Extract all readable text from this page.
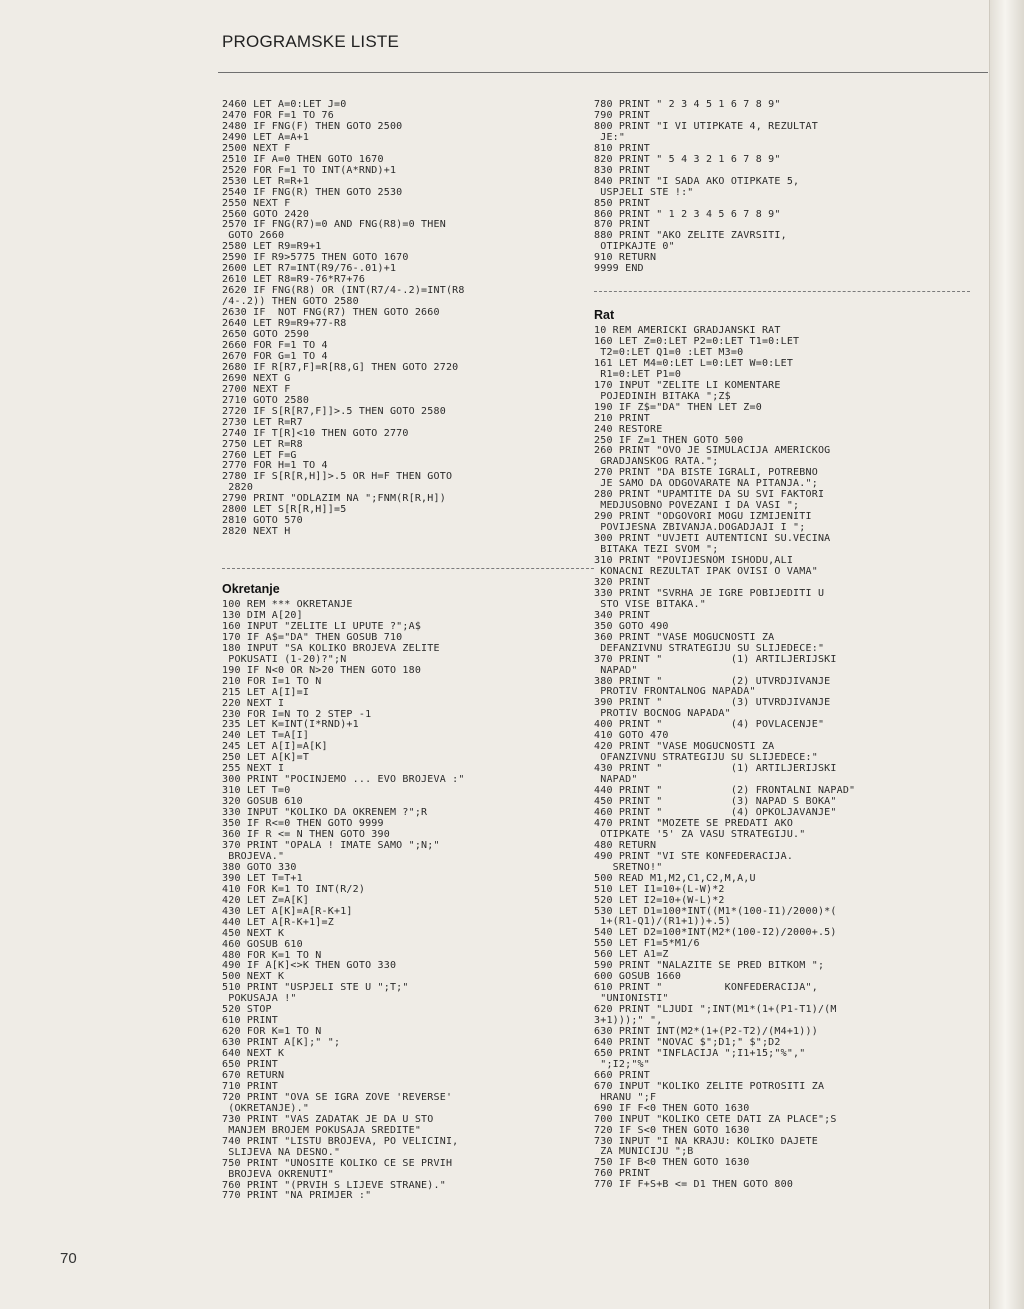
PROGRAMSKE LISTE
2460 LET A=0:LET J=0
2470 FOR F=1 TO 76
2480 IF FNG(F) THEN GOTO 2500
2490 LET A=A+1
2500 NEXT F
2510 IF A=0 THEN GOTO 1670
2520 FOR F=1 TO INT(A*RND)+1
2530 LET R=R+1
2540 IF FNG(R) THEN GOTO 2530
2550 NEXT F
2560 GOTO 2420
2570 IF FNG(R7)=0 AND FNG(R8)=0 THEN
GOTO 2660
2580 LET R9=R9+1
2590 IF R9>5775 THEN GOTO 1670
2600 LET R7=INT(R9/76-.01)+1
2610 LET R8=R9-76*R7+76
2620 IF FNG(R8) OR (INT(R7/4-.2)=INT(R8
/4-.2)) THEN GOTO 2580
2630 IF  NOT FNG(R7) THEN GOTO 2660
2640 LET R9=R9+77-R8
2650 GOTO 2590
2660 FOR F=1 TO 4
2670 FOR G=1 TO 4
2680 IF R[R7,F]=R[R8,G] THEN GOTO 2720
2690 NEXT G
2700 NEXT F
2710 GOTO 2580
2720 IF S[R[R7,F]]>.5 THEN GOTO 2580
2730 LET R=R7
2740 IF T[R]<10 THEN GOTO 2770
2750 LET R=R8
2760 LET F=G
2770 FOR H=1 TO 4
2780 IF S[R[R,H]]>.5 OR H=F THEN GOTO
2820
2790 PRINT "ODLAZIM NA ";FNM(R[R,H])
2800 LET S[R[R,H]]=5
2810 GOTO 570
2820 NEXT H
Okretanje
100 REM *** OKRETANJE
130 DIM A[20]
160 INPUT "ZELITE LI UPUTE ?";A$
170 IF A$="DA" THEN GOSUB 710
180 INPUT "SA KOLIKO BROJEVA ZELITE
POKUSATI (1-20)?";N
190 IF N<0 OR N>20 THEN GOTO 180
210 FOR I=1 TO N
215 LET A[I]=I
220 NEXT I
230 FOR I=N TO 2 STEP -1
235 LET K=INT(I*RND)+1
240 LET T=A[I]
245 LET A[I]=A[K]
250 LET A[K]=T
255 NEXT I
300 PRINT "POCINJEMO ... EVO BROJEVA :"
310 LET T=0
320 GOSUB 610
330 INPUT "KOLIKO DA OKRENEM ?";R
350 IF R<=0 THEN GOTO 9999
360 IF R <= N THEN GOTO 390
370 PRINT "OPALA ! IMATE SAMO ";N;"
BROJEVA."
380 GOTO 330
390 LET T=T+1
410 FOR K=1 TO INT(R/2)
420 LET Z=A[K]
430 LET A[K]=A[R-K+1]
440 LET A[R-K+1]=Z
450 NEXT K
460 GOSUB 610
480 FOR K=1 TO N
490 IF A[K]<>K THEN GOTO 330
500 NEXT K
510 PRINT "USPJELI STE U ";T;"
POKUSAJA !"
520 STOP
610 PRINT
620 FOR K=1 TO N
630 PRINT A[K];" ";
640 NEXT K
650 PRINT
670 RETURN
710 PRINT
720 PRINT "OVA SE IGRA ZOVE 'REVERSE'
(OKRETANJE)."
730 PRINT "VAS ZADATAK JE DA U STO
MANJEM BROJEM POKUSAJA SREDITE"
740 PRINT "LISTU BROJEVA, PO VELICINI,
SLIJEVA NA DESNO."
750 PRINT "UNOSITE KOLIKO CE SE PRVIH
BROJEVA OKRENUTI"
760 PRINT "(PRVIH S LIJEVE STRANE)."
770 PRINT "NA PRIMJER :"
780 PRINT " 2 3 4 5 1 6 7 8 9"
790 PRINT
800 PRINT "I VI UTIPKATE 4, REZULTAT
JE:"
810 PRINT
820 PRINT " 5 4 3 2 1 6 7 8 9"
830 PRINT
840 PRINT "I SADA AKO OTIPKATE 5,
USPJELI STE !:"
850 PRINT
860 PRINT " 1 2 3 4 5 6 7 8 9"
870 PRINT
880 PRINT "AKO ZELITE ZAVRSITI,
OTIPKAJTE 0"
910 RETURN
9999 END
Rat
10 REM AMERICKI GRADJANSKI RAT
160 LET Z=0:LET P2=0:LET T1=0:LET
T2=0:LET Q1=0 :LET M3=0
161 LET M4=0:LET L=0:LET W=0:LET
R1=0:LET P1=0
170 INPUT "ZELITE LI KOMENTARE
POJEDINIH BITAKA ";Z$
190 IF Z$="DA" THEN LET Z=0
210 PRINT
240 RESTORE
250 IF Z=1 THEN GOTO 500
260 PRINT "OVO JE SIMULACIJA AMERICKOG
GRADJANSKOG RATA.";
270 PRINT "DA BISTE IGRALI, POTREBNO
JE SAMO DA ODGOVARATE NA PITANJA.";
280 PRINT "UPAMTITE DA SU SVI FAKTORI
MEDJUSOBNO POVEZANI I DA VASI ";
290 PRINT "ODGOVORI MOGU IZMIJENITI
POVIJESNA ZBIVANJA.DOGADJAJI I ";
300 PRINT "UVJETI AUTENTICNI SU.VECINA
BITAKA TEZI SVOM ";
310 PRINT "POVIJESNOM ISHODU,ALI
KONACNI REZULTAT IPAK OVISI O VAMA"
320 PRINT
330 PRINT "SVRHA JE IGRE POBIJEDITI U
STO VISE BITAKA."
340 PRINT
350 GOTO 490
360 PRINT "VASE MOGUCNOSTI ZA
DEFANZIVNU STRATEGIJU SU SLIJEDECE:"
370 PRINT "           (1) ARTILJERIJSKI
NAPAD"
380 PRINT "           (2) UTVRDJIVANJE
PROTIV FRONTALNOG NAPADA"
390 PRINT "           (3) UTVRDJIVANJE
PROTIV BOCNOG NAPADA"
400 PRINT "           (4) POVLACENJE"
410 GOTO 470
420 PRINT "VASE MOGUCNOSTI ZA
OFANZIVNU STRATEGIJU SU SLIJEDECE:"
430 PRINT "           (1) ARTILJERIJSKI
NAPAD"
440 PRINT "           (2) FRONTALNI NAPAD"
450 PRINT "           (3) NAPAD S BOKA"
460 PRINT "           (4) OPKOLJAVANJE"
470 PRINT "MOZETE SE PREDATI AKO
OTIPKATE '5' ZA VASU STRATEGIJU."
480 RETURN
490 PRINT "VI STE KONFEDERACIJA.
SRETNO!"
500 READ M1,M2,C1,C2,M,A,U
510 LET I1=10+(L-W)*2
520 LET I2=10+(W-L)*2
530 LET D1=100*INT((M1*(100-I1)/2000)*(
1+(R1-Q1)/(R1+1))+.5)
540 LET D2=100*INT(M2*(100-I2)/2000+.5)
550 LET F1=5*M1/6
560 LET A1=Z
590 PRINT "NALAZITE SE PRED BITKOM ";
600 GOSUB 1660
610 PRINT "          KONFEDERACIJA",
"UNIONISTI"
620 PRINT "LJUDI ";INT(M1*(1+(P1-T1)/(M
3+1)));" ",
630 PRINT INT(M2*(1+(P2-T2)/(M4+1)))
640 PRINT "NOVAC $";D1;" $";D2
650 PRINT "INFLACIJA ";I1+15;"%","
";I2;"%"
660 PRINT
670 INPUT "KOLIKO ZELITE POTROSITI ZA
HRANU ";F
690 IF F<0 THEN GOTO 1630
700 INPUT "KOLIKO CETE DATI ZA PLACE";S
720 IF S<0 THEN GOTO 1630
730 INPUT "I NA KRAJU: KOLIKO DAJETE
ZA MUNICIJU ";B
750 IF B<0 THEN GOTO 1630
760 PRINT
770 IF F+S+B <= D1 THEN GOTO 800
70
